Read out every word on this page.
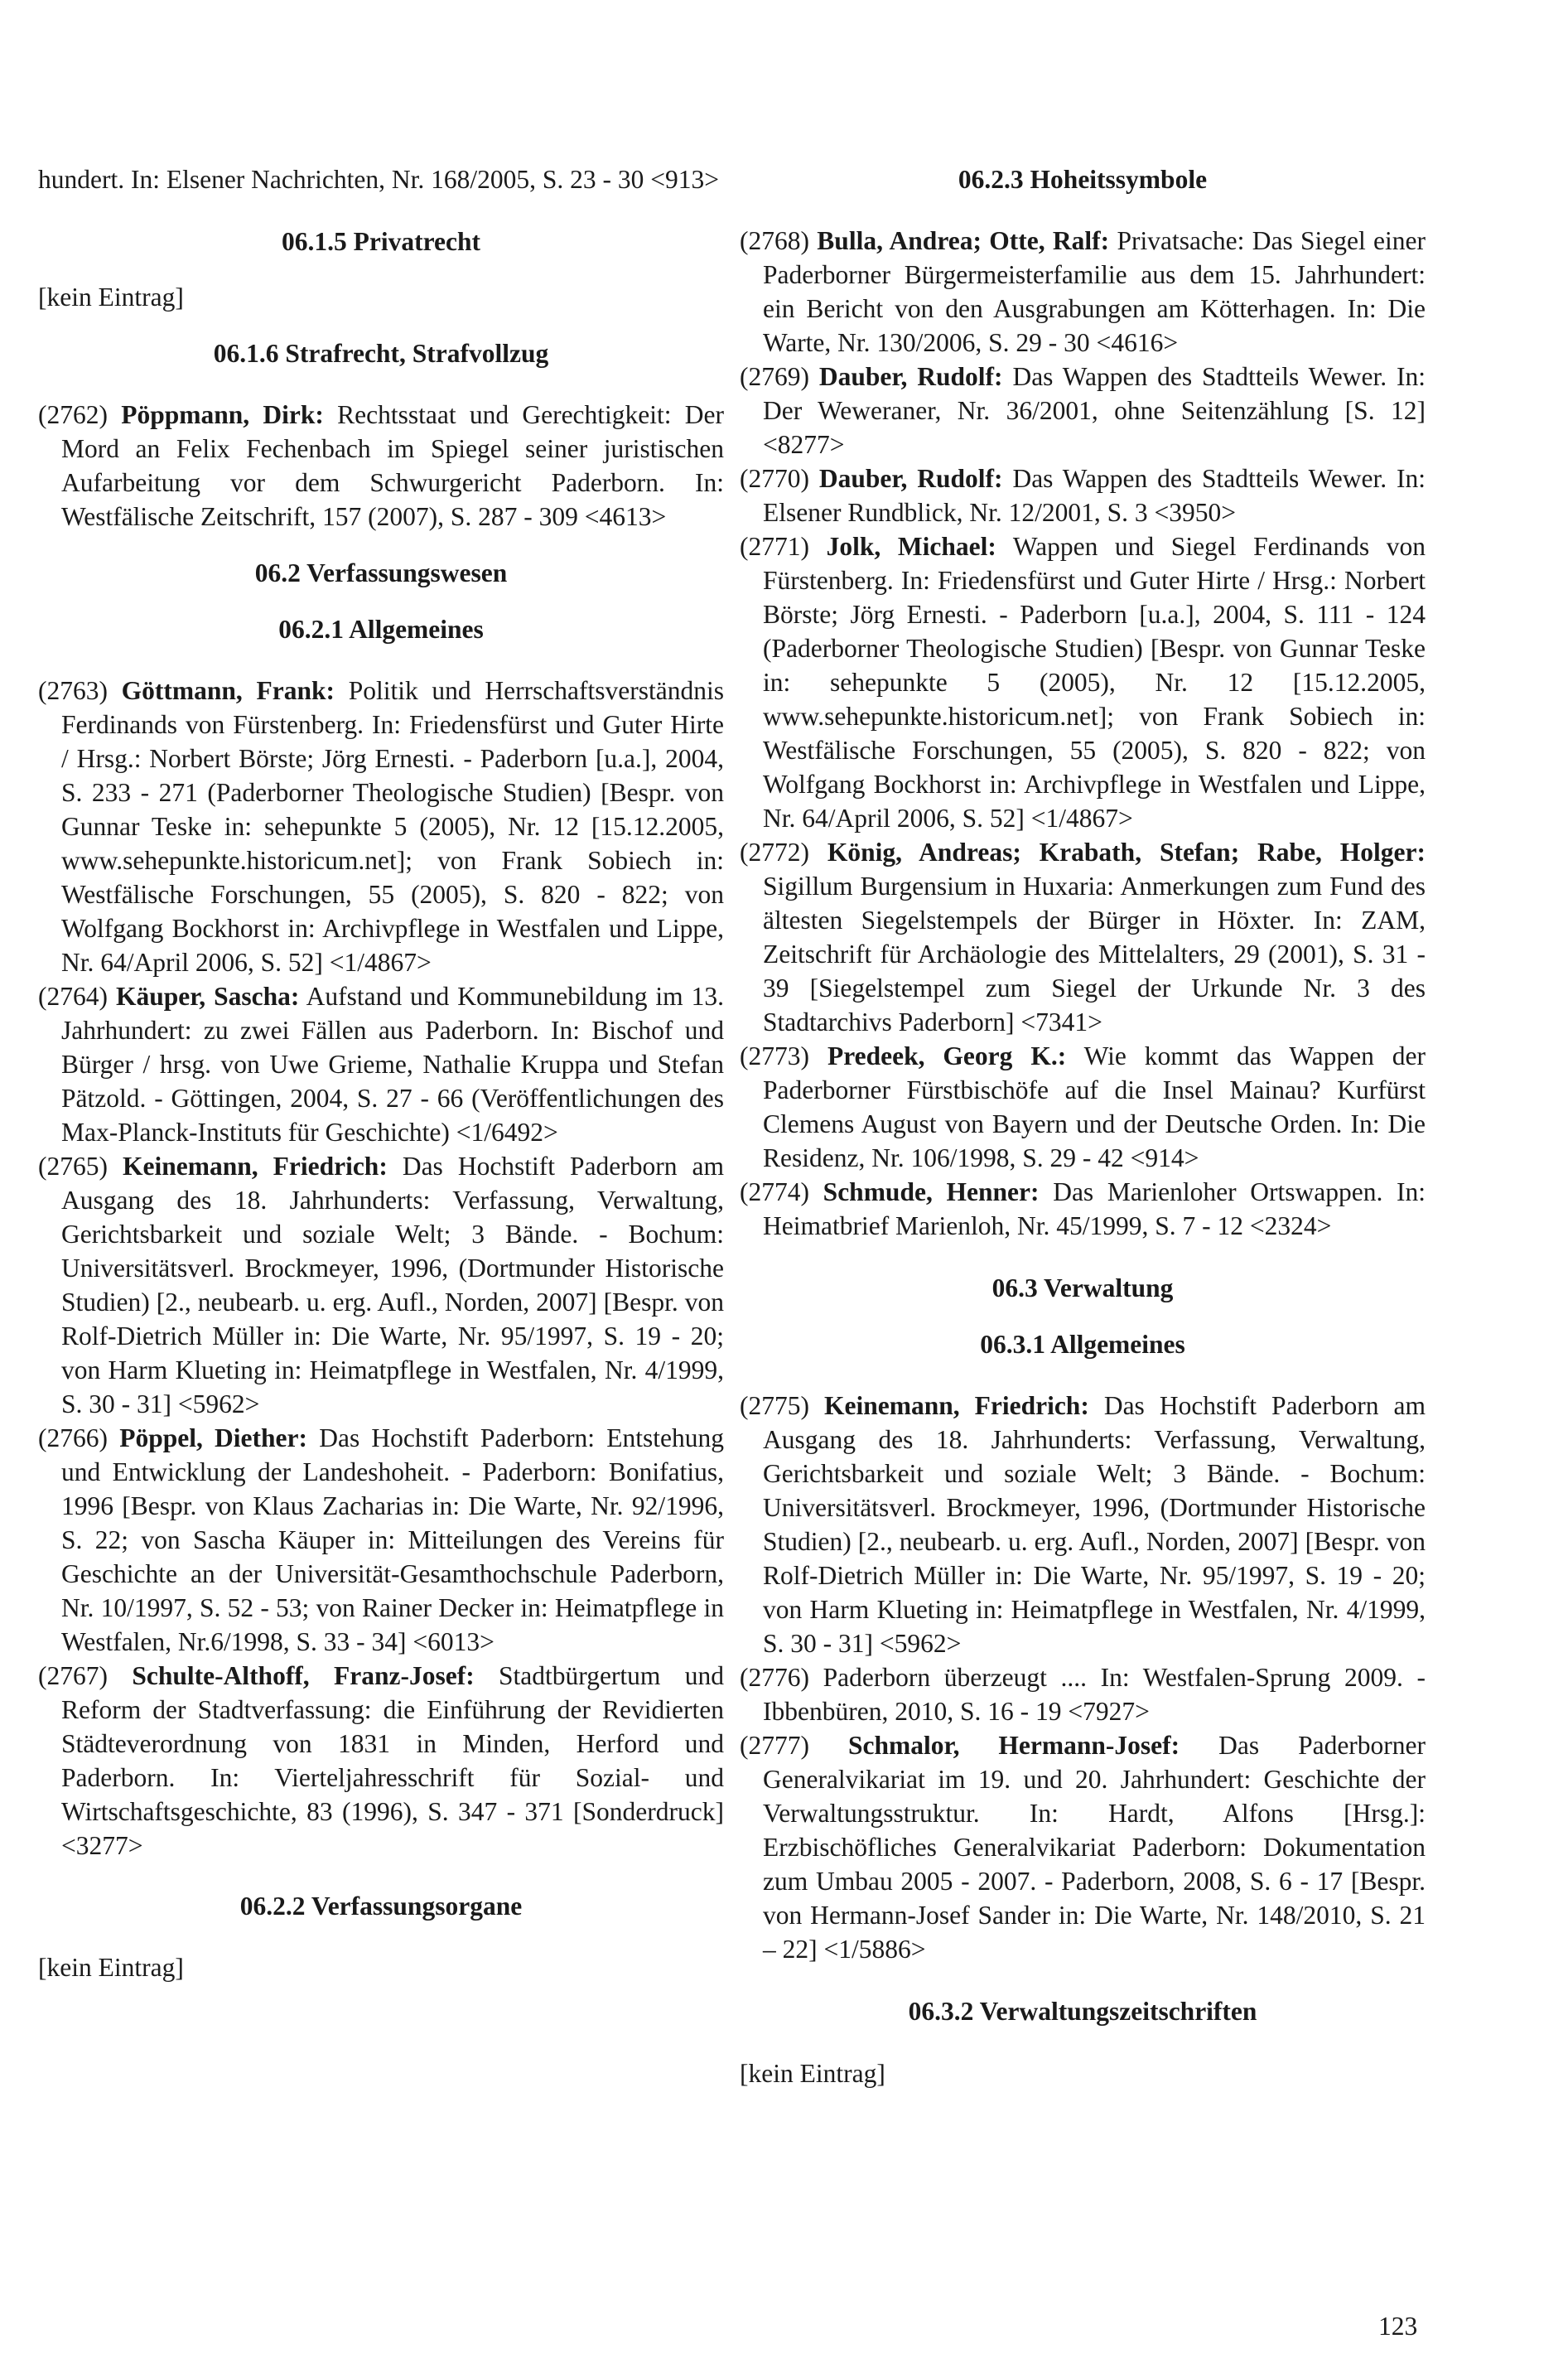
hundert. In: Elsener Nachrichten, Nr. 168/2005, S. 23 - 30 <913>

06.1.5 Privatrecht

[kein Eintrag]

06.1.6 Strafrecht, Strafvollzug

(2762) Pöppmann, Dirk: Rechtsstaat und Gerechtigkeit: Der Mord an Felix Fechenbach im Spiegel seiner juristischen Aufarbeitung vor dem Schwurgericht Paderborn. In: Westfälische Zeitschrift, 157 (2007), S. 287 - 309 <4613>

06.2 Verfassungswesen

06.2.1 Allgemeines

(2763) Göttmann, Frank: Politik und Herrschaftsverständnis Ferdinands von Fürstenberg. In: Friedensfürst und Guter Hirte / Hrsg.: Norbert Börste; Jörg Ernesti. - Paderborn [u.a.], 2004, S. 233 - 271 (Paderborner Theologische Studien) [Bespr. von Gunnar Teske in: sehepunkte 5 (2005), Nr. 12 [15.12.2005, www.sehepunkte.historicum.net]; von Frank Sobiech in: Westfälische Forschungen, 55 (2005), S. 820 - 822; von Wolfgang Bockhorst in: Archivpflege in Westfalen und Lippe, Nr. 64/April 2006, S. 52] <1/4867>

(2764) Käuper, Sascha: Aufstand und Kommunebildung im 13. Jahrhundert: zu zwei Fällen aus Paderborn. In: Bischof und Bürger / hrsg. von Uwe Grieme, Nathalie Kruppa und Stefan Pätzold. - Göttingen, 2004, S. 27 - 66 (Veröffentlichungen des Max-Planck-Instituts für Geschichte) <1/6492>

(2765) Keinemann, Friedrich: Das Hochstift Paderborn am Ausgang des 18. Jahrhunderts: Verfassung, Verwaltung, Gerichtsbarkeit und soziale Welt; 3 Bände. - Bochum: Universitätsverl. Brockmeyer, 1996, (Dortmunder Historische Studien) [2., neubearb. u. erg. Aufl., Norden, 2007] [Bespr. von Rolf-Dietrich Müller in: Die Warte, Nr. 95/1997, S. 19 - 20; von Harm Klueting in: Heimatpflege in Westfalen, Nr. 4/1999, S. 30 - 31] <5962>

(2766) Pöppel, Diether: Das Hochstift Paderborn: Entstehung und Entwicklung der Landeshoheit. - Paderborn: Bonifatius, 1996 [Bespr. von Klaus Zacharias in: Die Warte, Nr. 92/1996, S. 22; von Sascha Käuper in: Mitteilungen des Vereins für Geschichte an der Universität-Gesamthochschule Paderborn, Nr. 10/1997, S. 52 - 53; von Rainer Decker in: Heimatpflege in Westfalen, Nr.6/1998, S. 33 - 34] <6013>

(2767) Schulte-Althoff, Franz-Josef: Stadtbürgertum und Reform der Stadtverfassung: die Einführung der Revidierten Städteverordnung von 1831 in Minden, Herford und Paderborn. In: Vierteljahresschrift für Sozial- und Wirtschaftsgeschichte, 83 (1996), S. 347 - 371 [Sonderdruck] <3277>

06.2.2 Verfassungsorgane

[kein Eintrag]

06.2.3 Hoheitssymbole

(2768) Bulla, Andrea; Otte, Ralf: Privatsache: Das Siegel einer Paderborner Bürgermeisterfamilie aus dem 15. Jahrhundert: ein Bericht von den Ausgrabungen am Kötterhagen. In: Die Warte, Nr. 130/2006, S. 29 - 30 <4616>

(2769) Dauber, Rudolf: Das Wappen des Stadtteils Wewer. In: Der Weweraner, Nr. 36/2001, ohne Seitenzählung [S. 12] <8277>

(2770) Dauber, Rudolf: Das Wappen des Stadtteils Wewer. In: Elsener Rundblick, Nr. 12/2001, S. 3 <3950>

(2771) Jolk, Michael: Wappen und Siegel Ferdinands von Fürstenberg. In: Friedensfürst und Guter Hirte / Hrsg.: Norbert Börste; Jörg Ernesti. - Paderborn [u.a.], 2004, S. 111 - 124 (Paderborner Theologische Studien) [Bespr. von Gunnar Teske in: sehepunkte 5 (2005), Nr. 12 [15.12.2005, www.sehepunkte.historicum.net]; von Frank Sobiech in: Westfälische Forschungen, 55 (2005), S. 820 - 822; von Wolfgang Bockhorst in: Archivpflege in Westfalen und Lippe, Nr. 64/April 2006, S. 52] <1/4867>

(2772) König, Andreas; Krabath, Stefan; Rabe, Holger: Sigillum Burgensium in Huxaria: Anmerkungen zum Fund des ältesten Siegelstempels der Bürger in Höxter. In: ZAM, Zeitschrift für Archäologie des Mittelalters, 29 (2001), S. 31 - 39 [Siegelstempel zum Siegel der Urkunde Nr. 3 des Stadtarchivs Paderborn] <7341>

(2773) Predeek, Georg K.: Wie kommt das Wappen der Paderborner Fürstbischöfe auf die Insel Mainau? Kurfürst Clemens August von Bayern und der Deutsche Orden. In: Die Residenz, Nr. 106/1998, S. 29 - 42 <914>

(2774) Schmude, Henner: Das Marienloher Ortswappen. In: Heimatbrief Marienloh, Nr. 45/1999, S. 7 - 12 <2324>

06.3 Verwaltung

06.3.1 Allgemeines

(2775) Keinemann, Friedrich: Das Hochstift Paderborn am Ausgang des 18. Jahrhunderts: Verfassung, Verwaltung, Gerichtsbarkeit und soziale Welt; 3 Bände. - Bochum: Universitätsverl. Brockmeyer, 1996, (Dortmunder Historische Studien) [2., neubearb. u. erg. Aufl., Norden, 2007] [Bespr. von Rolf-Dietrich Müller in: Die Warte, Nr. 95/1997, S. 19 - 20; von Harm Klueting in: Heimatpflege in Westfalen, Nr. 4/1999, S. 30 - 31] <5962>

(2776) Paderborn überzeugt .... In: Westfalen-Sprung 2009. - Ibbenbüren, 2010, S. 16 - 19 <7927>

(2777) Schmalor, Hermann-Josef: Das Paderborner Generalvikariat im 19. und 20. Jahrhundert: Geschichte der Verwaltungsstruktur. In: Hardt, Alfons [Hrsg.]: Erzbischöfliches Generalvikariat Paderborn: Dokumentation zum Umbau 2005 - 2007. - Paderborn, 2008, S. 6 - 17 [Bespr. von Hermann-Josef Sander in: Die Warte, Nr. 148/2010, S. 21 – 22] <1/5886>

06.3.2 Verwaltungszeitschriften

[kein Eintrag]

123
